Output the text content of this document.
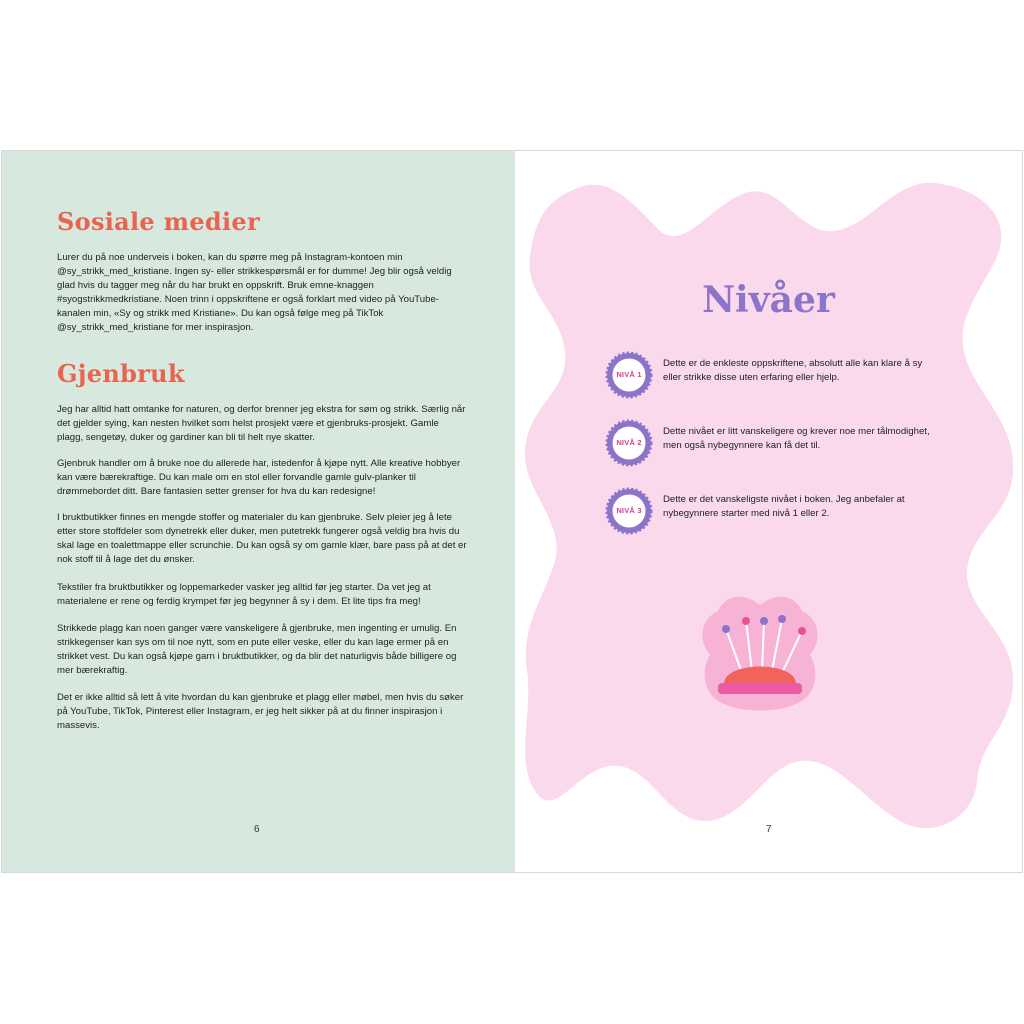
Sosiale medier

Lurer du på noe underveis i boken, kan du spørre meg på Instagram-kontoen min @sy_strikk_med_kristiane. Ingen sy- eller strikkespørsmål er for dumme! Jeg blir også veldig glad hvis du tagger meg når du har brukt en oppskrift. Bruk emne-knaggen #syogstrikkmedkristiane. Noen trinn i oppskriftene er også forklart med video på YouTube-kanalen min, «Sy og strikk med Kristiane». Du kan også følge meg på TikTok @sy_strikk_med_kristiane for mer inspirasjon.

Gjenbruk

Jeg har alltid hatt omtanke for naturen, og derfor brenner jeg ekstra for søm og strikk. Særlig når det gjelder sying, kan nesten hvilket som helst prosjekt være et gjenbruks-prosjekt. Gamle plagg, sengetøy, duker og gardiner kan bli til helt nye skatter.

Gjenbruk handler om å bruke noe du allerede har, istedenfor å kjøpe nytt. Alle kreative hobbyer kan være bærekraftige. Du kan male om en stol eller forvandle gamle gulv-planker til drømmebordet ditt. Bare fantasien setter grenser for hva du kan redesigne!

I bruktbutikker finnes en mengde stoffer og materialer du kan gjenbruke. Selv pleier jeg å lete etter store stoffdeler som dynetrekk eller duker, men putetrekk fungerer også veldig bra hvis du skal lage en toalettmappe eller scrunchie. Du kan også sy om gamle klær, bare pass på at det er nok stoff til å lage det du ønsker.

Tekstiler fra bruktbutikker og loppemarkeder vasker jeg alltid før jeg starter. Da vet jeg at materialene er rene og ferdig krympet før jeg begynner å sy i dem. Et lite tips fra meg!

Strikkede plagg kan noen ganger være vanskeligere å gjenbruke, men ingenting er umulig. En strikkegenser kan sys om til noe nytt, som en pute eller veske, eller du kan lage ermer på en strikket vest. Du kan også kjøpe garn i bruktbutikker, og da blir det naturligvis både billigere og mer bærekraftig.

Det er ikke alltid så lett å vite hvordan du kan gjenbruke et plagg eller møbel, men hvis du søker på YouTube, TikTok, Pinterest eller Instagram, er jeg helt sikker på at du finner inspirasjon i massevis.

6
Nivåer
NIVÅ 1

Dette er de enkleste oppskriftene, absolutt alle kan klare å sy eller strikke disse uten erfaring eller hjelp.

NIVÅ 2

Dette nivået er litt vanskeligere og krever noe mer tålmodighet, men også nybegynnere kan få det til.

NIVÅ 3

Dette er det vanskeligste nivået i boken. Jeg anbefaler at nybegynnere starter med nivå 1 eller 2.

7
